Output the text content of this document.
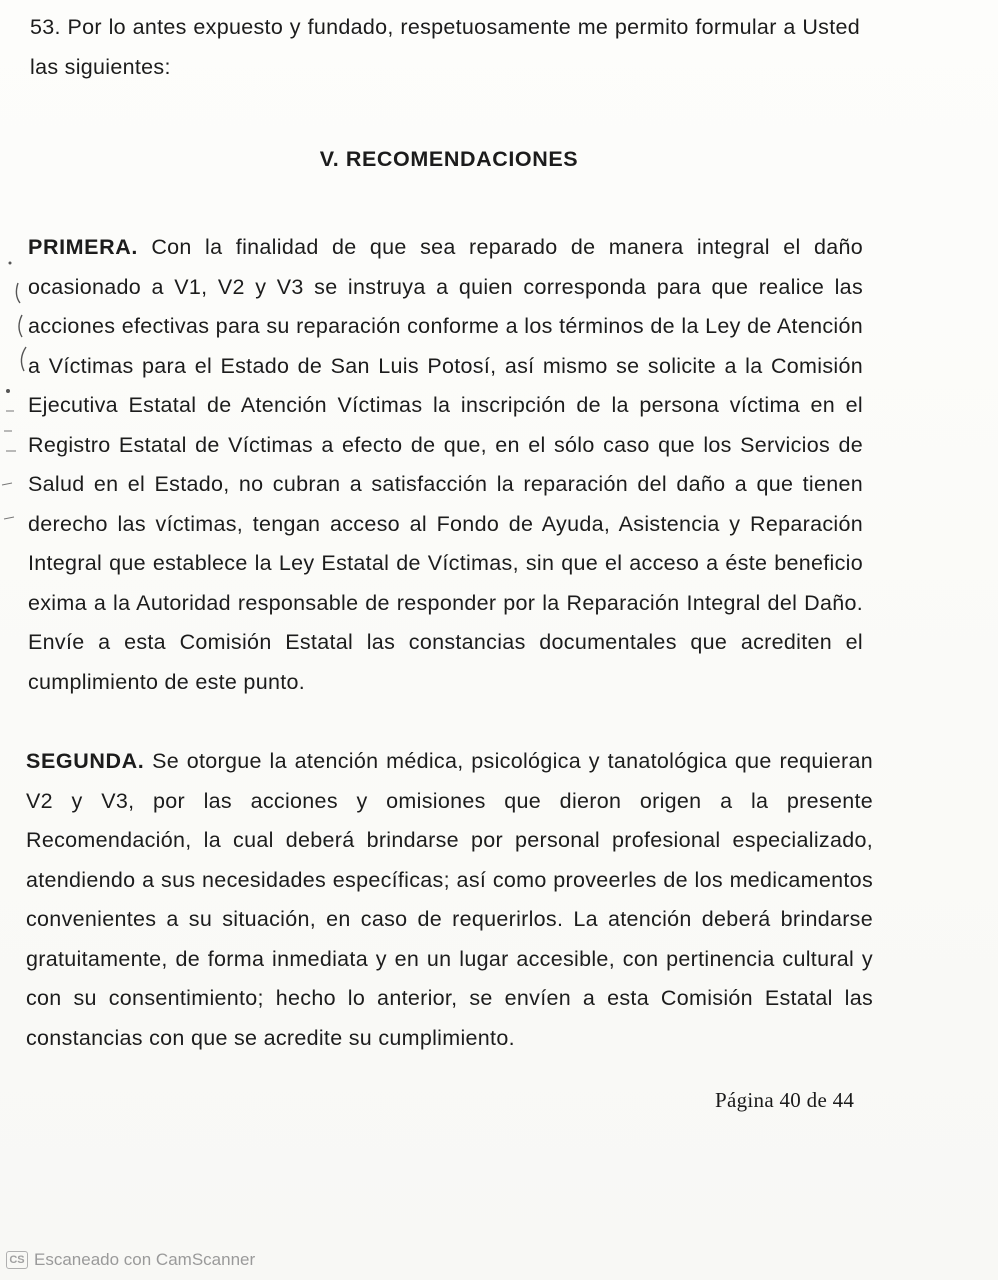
53. Por lo antes expuesto y fundado, respetuosamente me permito formular a Usted las siguientes:
V. RECOMENDACIONES
PRIMERA. Con la finalidad de que sea reparado de manera integral el daño ocasionado a V1, V2 y V3 se instruya a quien corresponda para que realice las acciones efectivas para su reparación conforme a los términos de la Ley de Atención a Víctimas para el Estado de San Luis Potosí, así mismo se solicite a la Comisión Ejecutiva Estatal de Atención Víctimas la inscripción de la persona víctima en el Registro Estatal de Víctimas a efecto de que, en el sólo caso que los Servicios de Salud en el Estado, no cubran a satisfacción la reparación del daño a que tienen derecho las víctimas, tengan acceso al Fondo de Ayuda, Asistencia y Reparación Integral que establece la Ley Estatal de Víctimas, sin que el acceso a éste beneficio exima a la Autoridad responsable de responder por la Reparación Integral del Daño. Envíe a esta Comisión Estatal las constancias documentales que acrediten el cumplimiento de este punto.
SEGUNDA. Se otorgue la atención médica, psicológica y tanatológica que requieran V2 y V3, por las acciones y omisiones que dieron origen a la presente Recomendación, la cual deberá brindarse por personal profesional especializado, atendiendo a sus necesidades específicas; así como proveerles de los medicamentos convenientes a su situación, en caso de requerirlos. La atención deberá brindarse gratuitamente, de forma inmediata y en un lugar accesible, con pertinencia cultural y con su consentimiento; hecho lo anterior, se envíen a esta Comisión Estatal las constancias con que se acredite su cumplimiento.
Página 40 de 44
CS Escaneado con CamScanner
